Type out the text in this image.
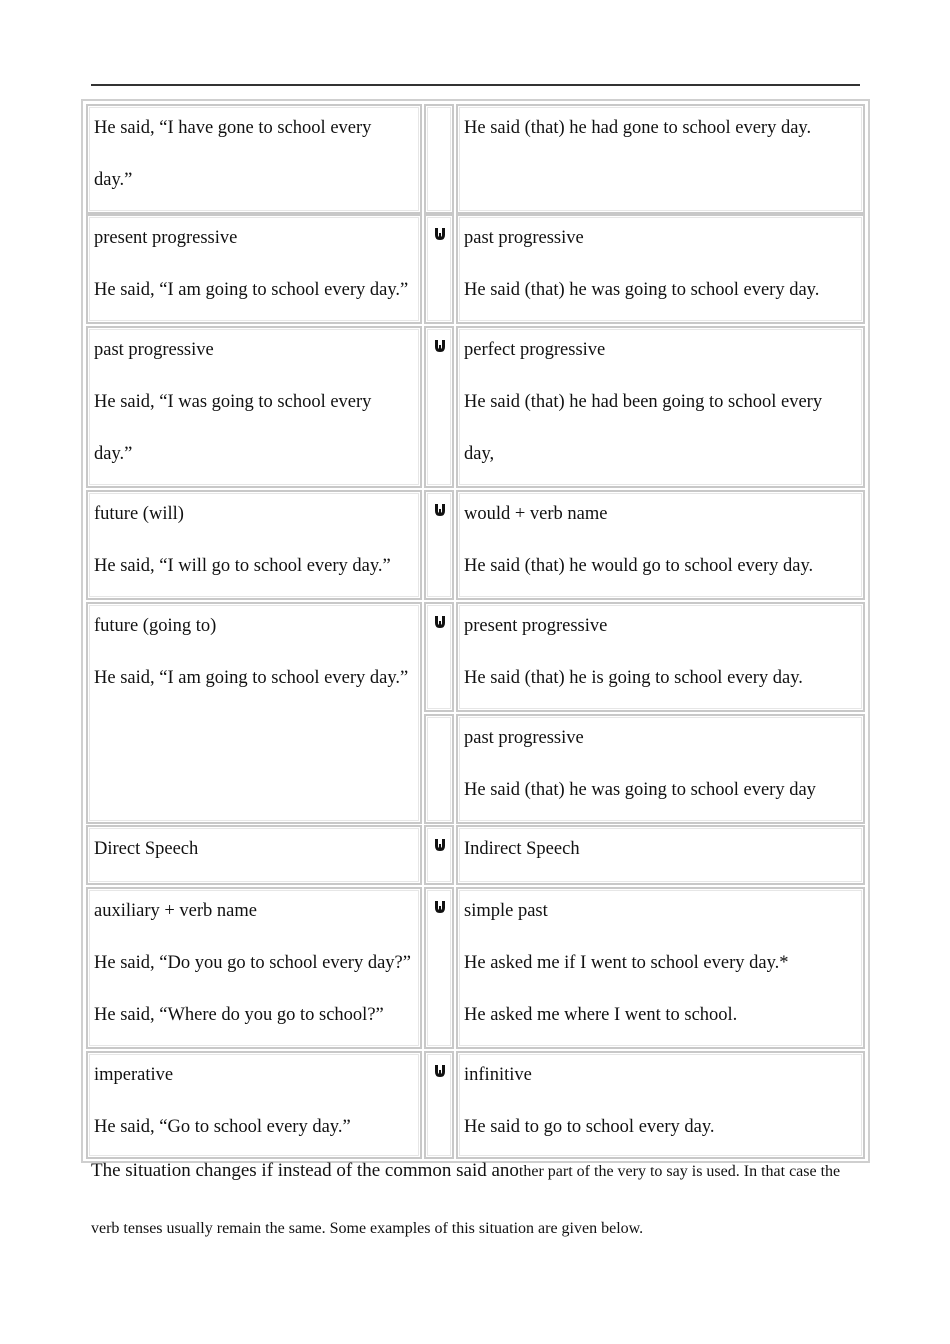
He said, “I have gone to school every
day.”
He said (that) he had gone to school every day.
present progressive
He said, “I am going to school every day.”
past progressive
He said (that) he was going to school every day.
past progressive
He said, “I was going to school every
day.”
perfect progressive
He said (that) he had been going to school every
day,
future (will)
He said, “I will go to school every day.”
would + verb name
He said (that) he would go to school every day.
future (going to)
He said, “I am going to school every day.”
present progressive
He said (that) he is going to school every day.
past progressive
He said (that) he was going to school every day
Direct Speech	Indirect Speech
auxiliary + verb name
He said, “Do you go to school every day?”
He said, “Where do you go to school?”
simple past
He asked me if I went to school every day.*
He asked me where I went to school.
imperative
He said, “Go to school every day.”
infinitive
He said to go to school every day.
The situation changes if instead of the common said another part of the very to say is used. In that case the
verb tenses usually remain the same. Some examples of this situation are given below.
